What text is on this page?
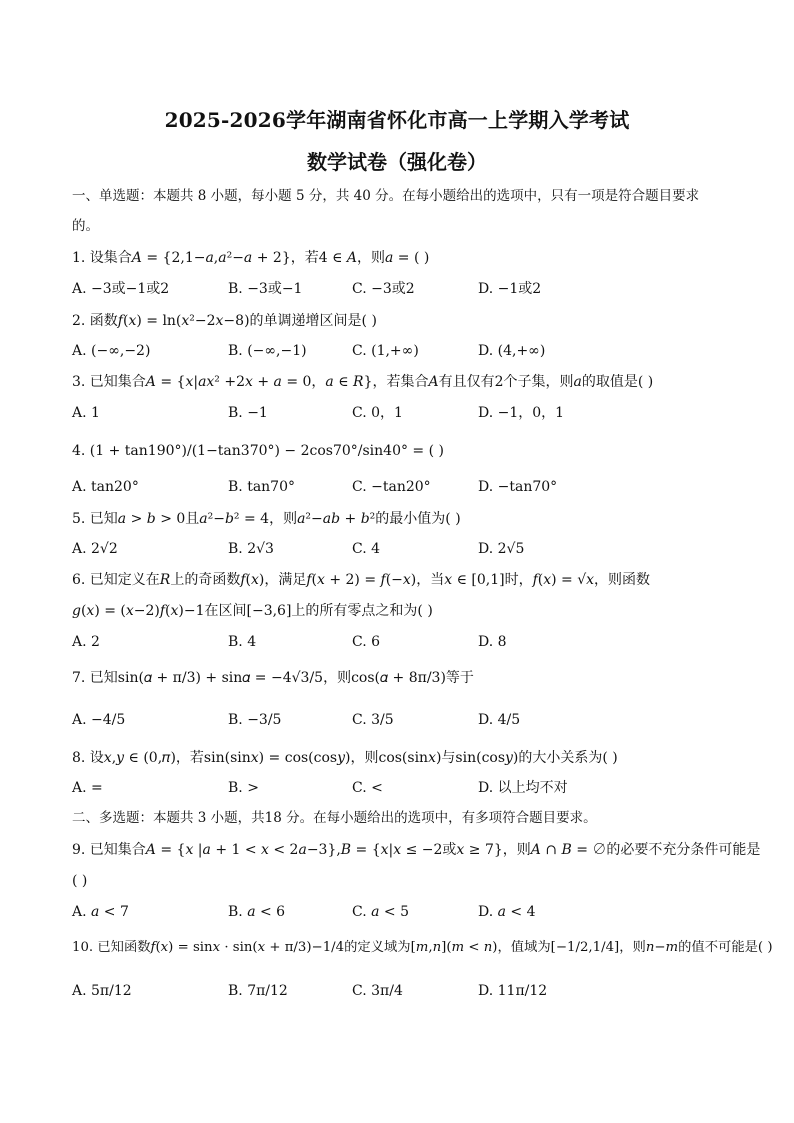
2025-2026学年湖南省怀化市高一上学期入学考试
数学试卷（强化卷）
一、单选题：本题共 8 小题，每小题 5 分，共 40 分。在每小题给出的选项中，只有一项是符合题目要求
的。
1. 设集合𝐴 = {2,1−𝑎,𝑎²−𝑎 + 2}，若4 ∈ 𝐴，则𝑎 = ( )
A. −3或−1或2	B. −3或−1	C. −3或2	D. −1或2
2. 函数𝑓(𝑥) = ln(𝑥²−2𝑥−8)的单调递增区间是( )
A. (−∞,−2)	B. (−∞,−1)	C. (1,+∞)	D. (4,+∞)
3. 已知集合𝐴 = {𝑥|𝑎𝑥² +2𝑥 + 𝑎 = 0，𝑎 ∈ 𝑅}，若集合𝐴有且仅有2个子集，则𝑎的取值是( )
A. 1	B. −1	C. 0，1	D. −1，0，1
4. (1 + tan190°)/(1−tan370°) − 2cos70°/sin40° = ( )
A. tan20°	B. tan70°	C. −tan20°	D. −tan70°
5. 已知𝑎 > 𝑏 > 0且𝑎²−𝑏² = 4，则𝑎²−𝑎𝑏 + 𝑏²的最小值为( )
A. 2√2	B. 2√3	C. 4	D. 2√5
6. 已知定义在𝑅上的奇函数𝑓(𝑥)，满足𝑓(𝑥 + 2) = 𝑓(−𝑥)，当𝑥 ∈ [0,1]时，𝑓(𝑥) = √𝑥，则函数
𝑔(𝑥) = (𝑥−2)𝑓(𝑥)−1在区间[−3,6]上的所有零点之和为( )
A. 2	B. 4	C. 6	D. 8
7. 已知sin(𝛼 + π/3) + sin𝛼 = −4√3/5，则cos(𝛼 + 8π/3)等于
A. −4/5	B. −3/5	C. 3/5	D. 4/5
8. 设𝑥,𝑦 ∈ (0,𝜋)，若sin(sin𝑥) = cos(cos𝑦)，则cos(sin𝑥)与sin(cos𝑦)的大小关系为( )
A. =	B. >	C. <	D. 以上均不对
二、多选题：本题共 3 小题，共18 分。在每小题给出的选项中，有多项符合题目要求。
9. 已知集合𝐴 = {𝑥 |𝑎 + 1 < 𝑥 < 2𝑎−3},𝐵 = {𝑥|𝑥 ≤ −2或𝑥 ≥ 7}，则𝐴 ∩ 𝐵 = ∅的必要不充分条件可能是
( )
A. 𝑎 < 7	B. 𝑎 < 6	C. 𝑎 < 5	D. 𝑎 < 4
10. 已知函数𝑓(𝑥) = sin𝑥 · sin(𝑥 + π/3)−1/4的定义域为[𝑚,𝑛](𝑚 < 𝑛)，值域为[−1/2,1/4]，则𝑛−𝑚的值不可能是( )
A. 5π/12	B. 7π/12	C. 3π/4	D. 11π/12
